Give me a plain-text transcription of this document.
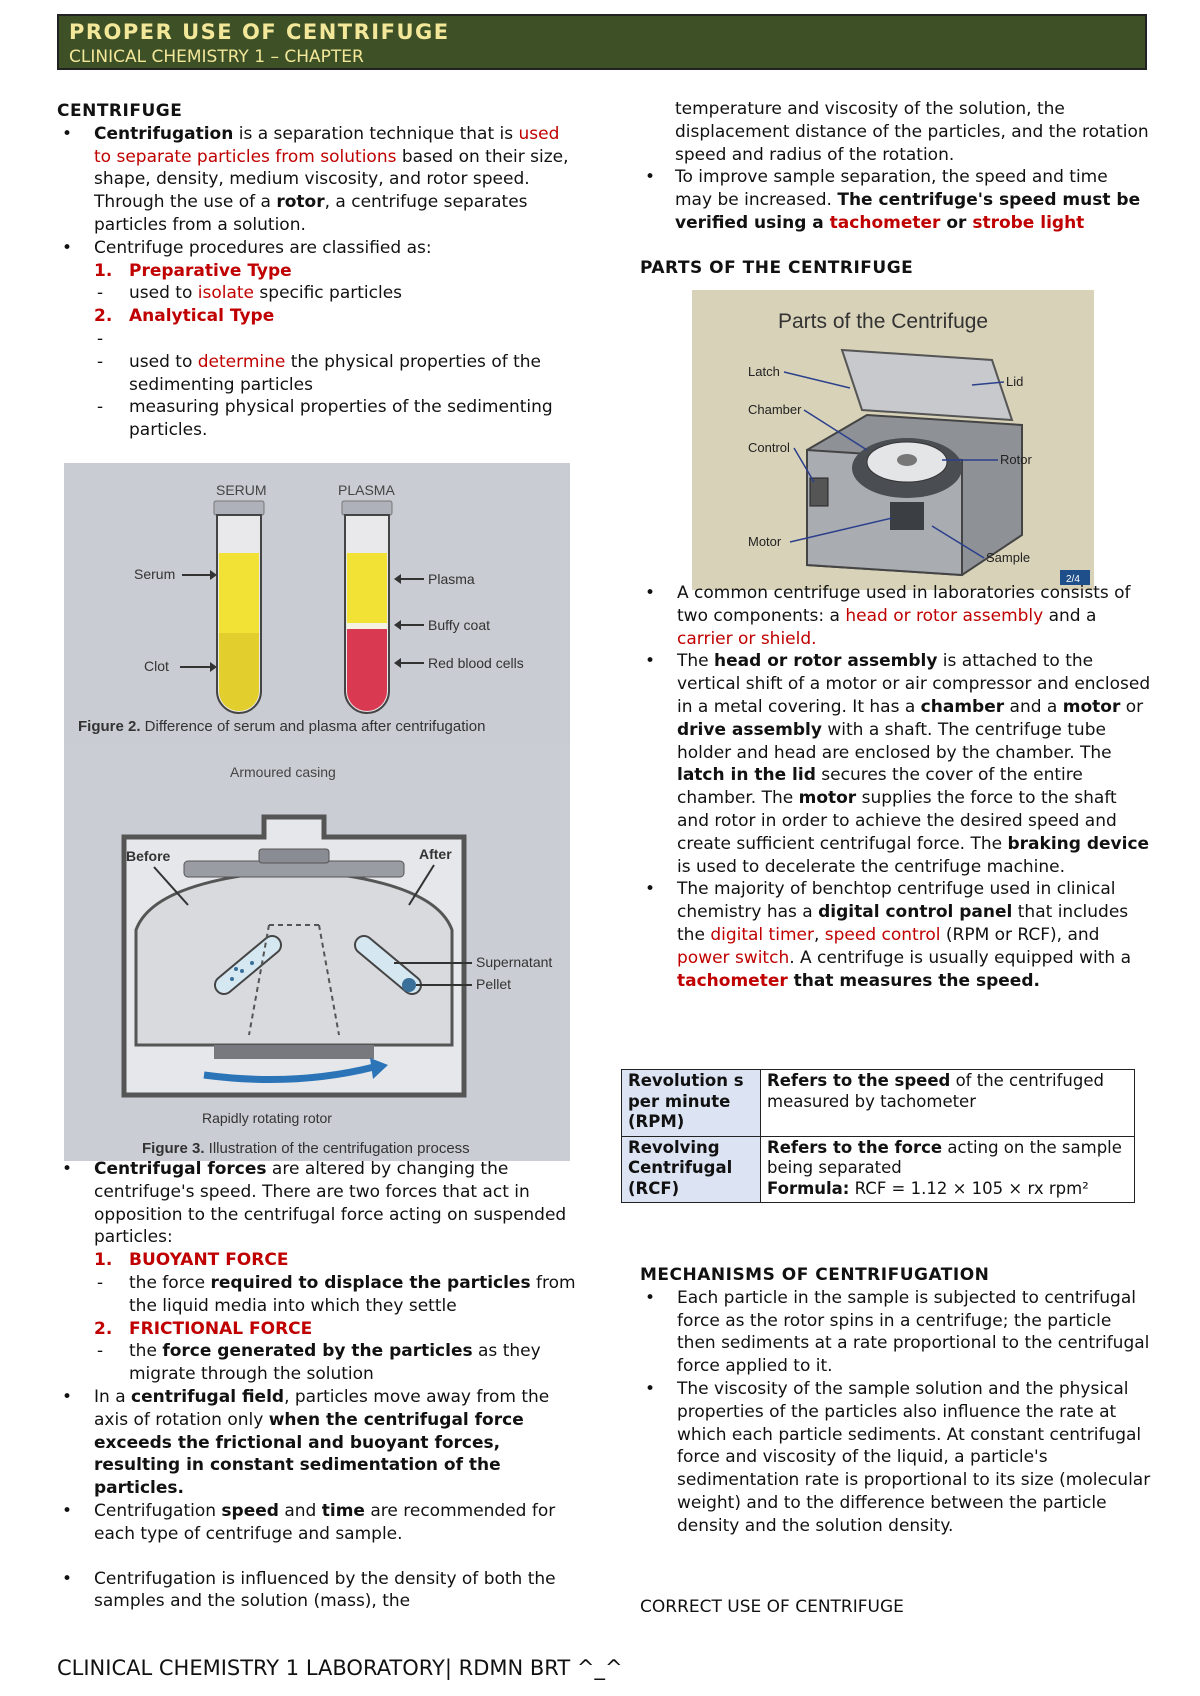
PROPER USE OF CENTRIFUGE
CLINICAL CHEMISTRY 1 – CHAPTER
CENTRIFUGE
• Centrifugation is a separation technique that is used to separate particles from solutions based on their size, shape, density, medium viscosity, and rotor speed. Through the use of a rotor, a centrifuge separates particles from a solution.
• Centrifuge procedures are classified as:
1. Preparative Type
- used to isolate specific particles
2. Analytical Type
-
- used to determine the physical properties of the sedimenting particles
- measuring physical properties of the sedimenting particles.
SERUM	PLASMA
Serum
Clot
Plasma
Buffy coat
Red blood cells
Figure 2. Difference of serum and plasma after centrifugation
Armoured casing
Before	After
Supernatant
Pellet
Rapidly rotating rotor
Figure 3. Illustration of the centrifugation process
• Centrifugal forces are altered by changing the centrifuge's speed. There are two forces that act in opposition to the centrifugal force acting on suspended particles:
1. BUOYANT FORCE
- the force required to displace the particles from the liquid media into which they settle
2. FRICTIONAL FORCE
- the force generated by the particles as they migrate through the solution
• In a centrifugal field, particles move away from the axis of rotation only when the centrifugal force exceeds the frictional and buoyant forces, resulting in constant sedimentation of the particles.
• Centrifugation speed and time are recommended for each type of centrifuge and sample.
• Centrifugation is influenced by the density of both the samples and the solution (mass), the
temperature and viscosity of the solution, the displacement distance of the particles, and the rotation speed and radius of the rotation.
• To improve sample separation, the speed and time may be increased. The centrifuge's speed must be verified using a tachometer or strobe light
PARTS OF THE CENTRIFUGE
Parts of the Centrifuge
Latch
Lid
Chamber
Control
Rotor
Motor
Sample
2/4
• A common centrifuge used in laboratories consists of two components: a head or rotor assembly and a carrier or shield.
• The head or rotor assembly is attached to the vertical shift of a motor or air compressor and enclosed in a metal covering. It has a chamber and a motor or drive assembly with a shaft. The centrifuge tube holder and head are enclosed by the chamber. The latch in the lid secures the cover of the entire chamber. The motor supplies the force to the shaft and rotor in order to achieve the desired speed and create sufficient centrifugal force. The braking device is used to decelerate the centrifuge machine.
• The majority of benchtop centrifuge used in clinical chemistry has a digital control panel that includes the digital timer, speed control (RPM or RCF), and power switch. A centrifuge is usually equipped with a tachometer that measures the speed.
Revolution s per minute (RPM)	Refers to the speed of the centrifuged measured by tachometer

Revolving Centrifugal (RCF)	Refers to the force acting on the sample being separated
Formula: RCF = 1.12 × 105 × rx rpm²
MECHANISMS OF CENTRIFUGATION
• Each particle in the sample is subjected to centrifugal force as the rotor spins in a centrifuge; the particle then sediments at a rate proportional to the centrifugal force applied to it.
• The viscosity of the sample solution and the physical properties of the particles also influence the rate at which each particle sediments. At constant centrifugal force and viscosity of the liquid, a particle's sedimentation rate is proportional to its size (molecular weight) and to the difference between the particle density and the solution density.
CORRECT USE OF CENTRIFUGE
CLINICAL CHEMISTRY 1 LABORATORY| RDMN BRT ^_^
